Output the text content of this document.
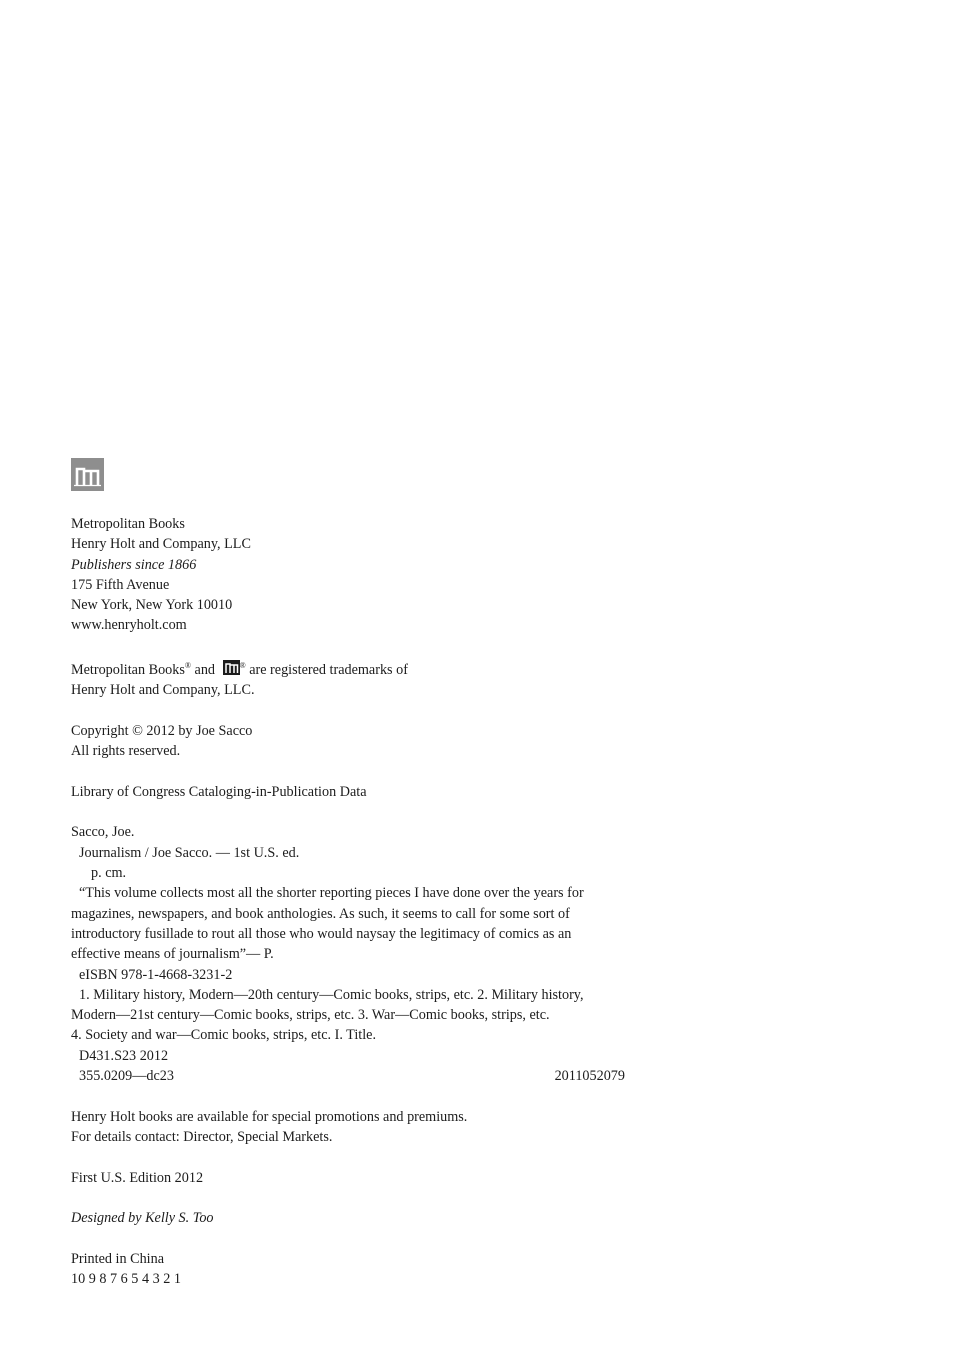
Metropolitan Books
Henry Holt and Company, LLC
Publishers since 1866
175 Fifth Avenue
New York, New York 10010
www.henryholt.com
Metropolitan Books® and	® are registered trademarks of
Henry Holt and Company, LLC.
Copyright © 2012 by Joe Sacco
All rights reserved.
Library of Congress Cataloging-in-Publication Data
Sacco, Joe.
Journalism / Joe Sacco. — 1st U.S. ed.
p. cm.
“This volume collects most all the shorter reporting pieces I have done over the years for
magazines, newspapers, and book anthologies. As such, it seems to call for some sort of
introductory fusillade to rout all those who would naysay the legitimacy of comics as an
effective means of journalism”— P.
eISBN 978-1-4668-3231-2
1. Military history, Modern—20th century—Comic books, strips, etc. 2. Military history,
Modern—21st century—Comic books, strips, etc. 3. War—Comic books, strips, etc.
4. Society and war—Comic books, strips, etc. I. Title.
D431.S23 2012
355.0209—dc23	2011052079
Henry Holt books are available for special promotions and premiums.
For details contact: Director, Special Markets.
First U.S. Edition 2012
Designed by Kelly S. Too
Printed in China
10 9 8 7 6 5 4 3 2 1
